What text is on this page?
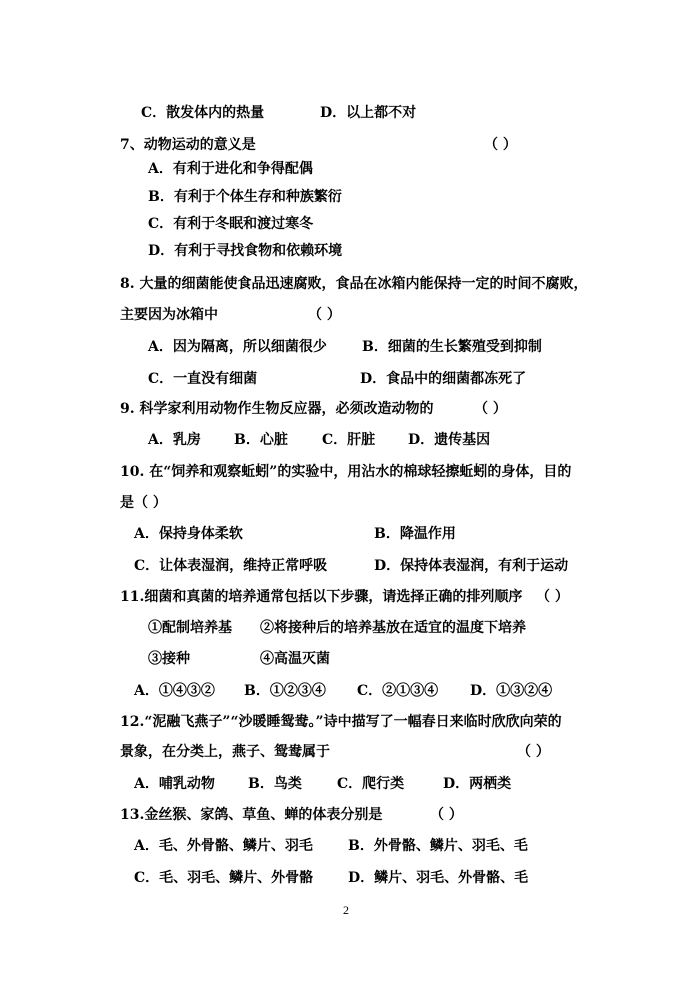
C．散发体内的热量	D．以上都不对
7、动物运动的意义是	（ ）
A．有利于进化和争得配偶
B．有利于个体生存和种族繁衍
C．有利于冬眠和渡过寒冬
D．有利于寻找食物和依赖环境
8. 大量的细菌能使食品迅速腐败，食品在冰箱内能保持一定的时间不腐败，
主要因为冰箱中	（ ）
A．因为隔离，所以细菌很少	B．细菌的生长繁殖受到抑制
C．一直没有细菌	D．食品中的细菌都冻死了
9. 科学家利用动物作生物反应器，必须改造动物的	（ ）
A．乳房 B．心脏 C．肝脏 D．遗传基因
10. 在“饲养和观察蚯蚓”的实验中，用沾水的棉球轻擦蚯蚓的身体，目的
是（ ）
A．保持身体柔软	B．降温作用
C．让体表湿润，维持正常呼吸	D．保持体表湿润，有利于运动
11.细菌和真菌的培养通常包括以下步骤，请选择正确的排列顺序 （ ）
①配制培养基 ②将接种后的培养基放在适宜的温度下培养
③接种	④高温灭菌
A．①④③② B．①②③④ C．②①③④ D．①③②④
12.“泥融飞燕子”“沙暖睡鸳鸯。”诗中描写了一幅春日来临时欣欣向荣的
景象，在分类上，燕子、鸳鸯属于	（ ）
A．哺乳动物 B．鸟类	C．爬行类	D．两栖类
13.金丝猴、家鸽、草鱼、蝉的体表分别是	（ ）
A．毛、外骨骼、鳞片、羽毛	B．外骨骼、鳞片、羽毛、毛
C．毛、羽毛、鳞片、外骨骼 D．鳞片、羽毛、外骨骼、毛
2
